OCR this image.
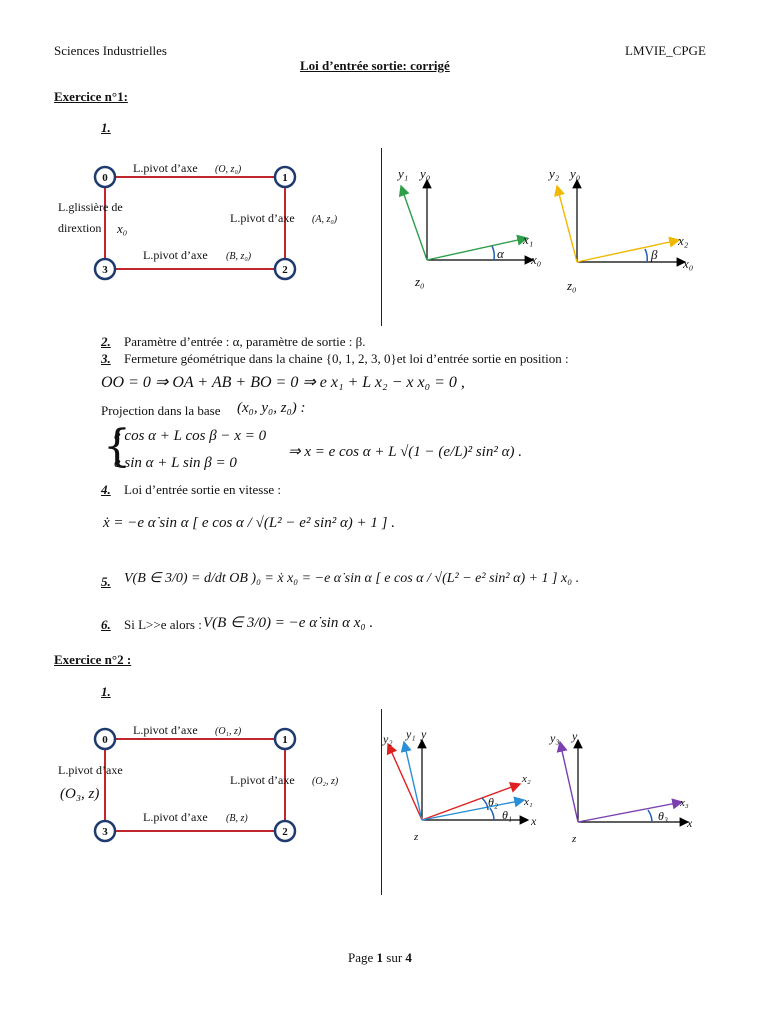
Sciences Industrielles	LMVIE_CPGE
Loi d’entrée sortie: corrigé
Exercice n°1:
1.
0	1
2
3
L.pivot d’axe (O, z₀)
L.pivot d’axe (A, z₀)
L.pivot d’axe (B, z₀)
L.glissière de
dirextion x₀
α
y₁ y₀
x₁
x₀
z₀
β
y₂ y₀
x₂
x₀
z₀
2. Paramètre d’entrée : α, paramètre de sortie : β.
3. Fermeture géométrique dans la chaine {0, 1, 2, 3, 0}et loi d’entrée sortie en position :
OO = 0 ⇒ OA + AB + BO = 0 ⇒ e x₁ + L x₂ − x x₀ = 0 ,
Projection dans la base (x₀, y₀, z₀) :
{
e cos α + L cos β − x = 0
e sin α + L sin β = 0
⇒ x = e cos α + L √(1 − (e/L)² sin² α) .
4. Loi d’entrée sortie en vitesse :
ẋ = −e α̇ sin α [ e cos α / √(L² − e² sin² α) + 1 ] .
5. V(B ∈ 3/0) = d/dt OB )₀ = ẋ x₀ = −e α̇ sin α [ e cos α / √(L² − e² sin² α) + 1 ] x₀ .
6. Si L>>e alors : V(B ∈ 3/0) = −e α̇ sin α x₀ .
Exercice n°2 :
1.
0	1
2
3
L.pivot d’axe (O₁, z)
L.pivot d’axe (O₂, z)
L.pivot d’axe (B, z)
L.pivot d’axe
(O₃, z)	θ₂
θ₁
y₂ y₁ y
x₂
x₁
x
z
θ₃
y₃ y
x₃
x
z
Page 1 sur 4
